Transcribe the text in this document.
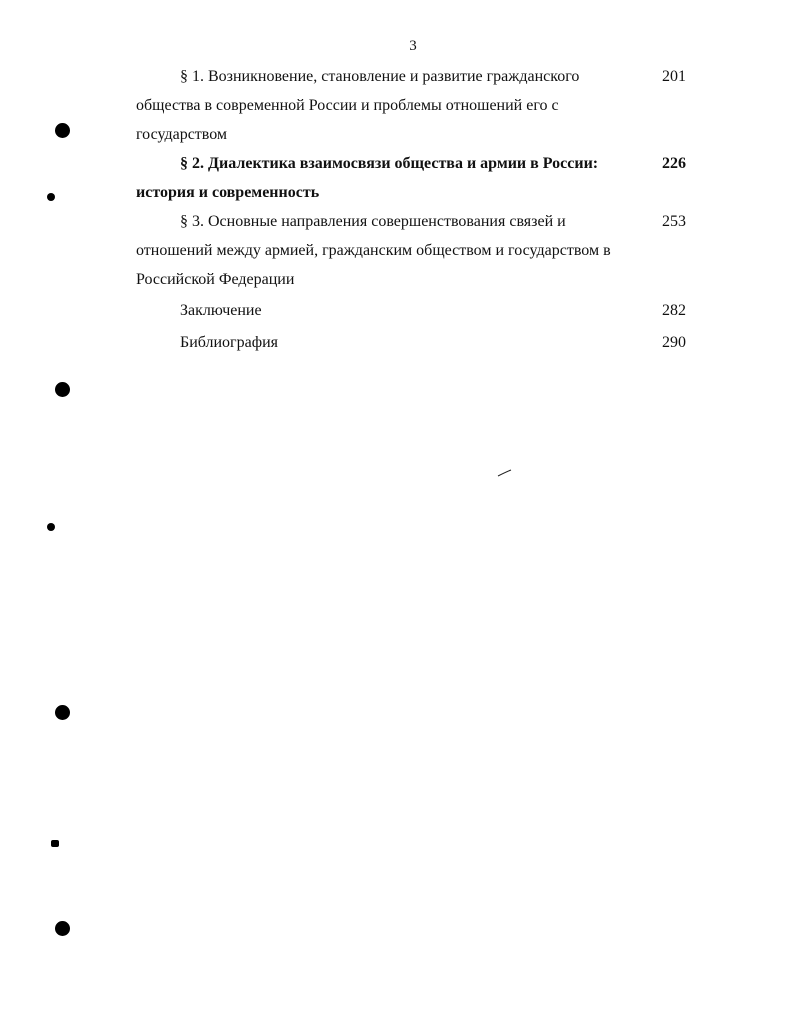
3
§ 1. Возникновение, становление и развитие гражданского общества в современной России и проблемы отношений его с государством
201
§ 2. Диалектика взаимосвязи общества и армии в России: история и современность
226
§ 3. Основные направления совершенствования связей и отношений между армией, гражданским обществом и государством в Российской Федерации
253
Заключение	282
Библиография	290
